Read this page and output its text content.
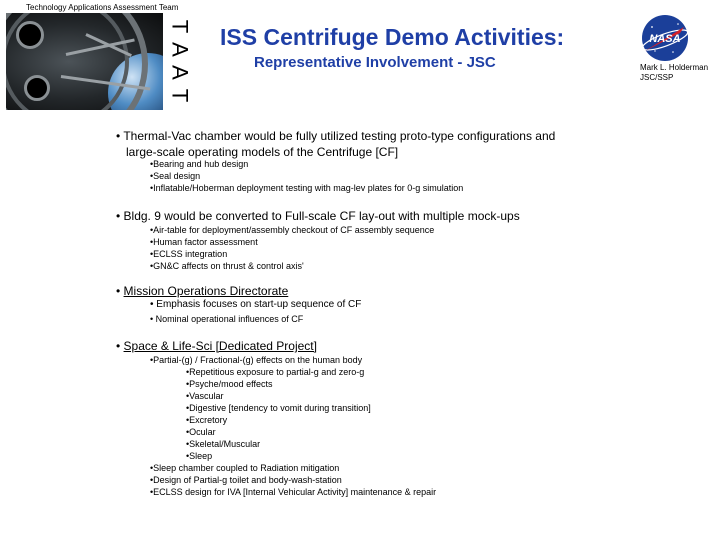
Technology Applications Assessment Team
T
A
A
T
ISS Centrifuge Demo Activities:
Representative Involvement - JSC
NASA
Mark L. Holderman
JSC/SSP
• Thermal-Vac chamber would be fully utilized testing proto-type configurations and
large-scale operating models of the Centrifuge [CF]
•Bearing and hub design
•Seal design
•Inflatable/Hoberman deployment testing with mag-lev plates for 0-g simulation
• Bldg. 9 would be converted to Full-scale CF lay-out with multiple mock-ups
•Air-table for deployment/assembly checkout of CF assembly sequence
•Human factor assessment
•ECLSS integration
•GN&C affects on thrust & control axis'
• Mission Operations Directorate
• Emphasis focuses on start-up sequence of CF
• Nominal operational influences of CF
• Space & Life-Sci [Dedicated Project]
•Partial-(g) / Fractional-(g) effects on the human body
•Repetitious exposure to partial-g and zero-g
•Psyche/mood effects
•Vascular
•Digestive [tendency to vomit during transition]
•Excretory
•Ocular
•Skeletal/Muscular
•Sleep
•Sleep chamber coupled to Radiation mitigation
•Design of Partial-g toilet and body-wash-station
•ECLSS design for IVA [Internal Vehicular Activity] maintenance & repair
